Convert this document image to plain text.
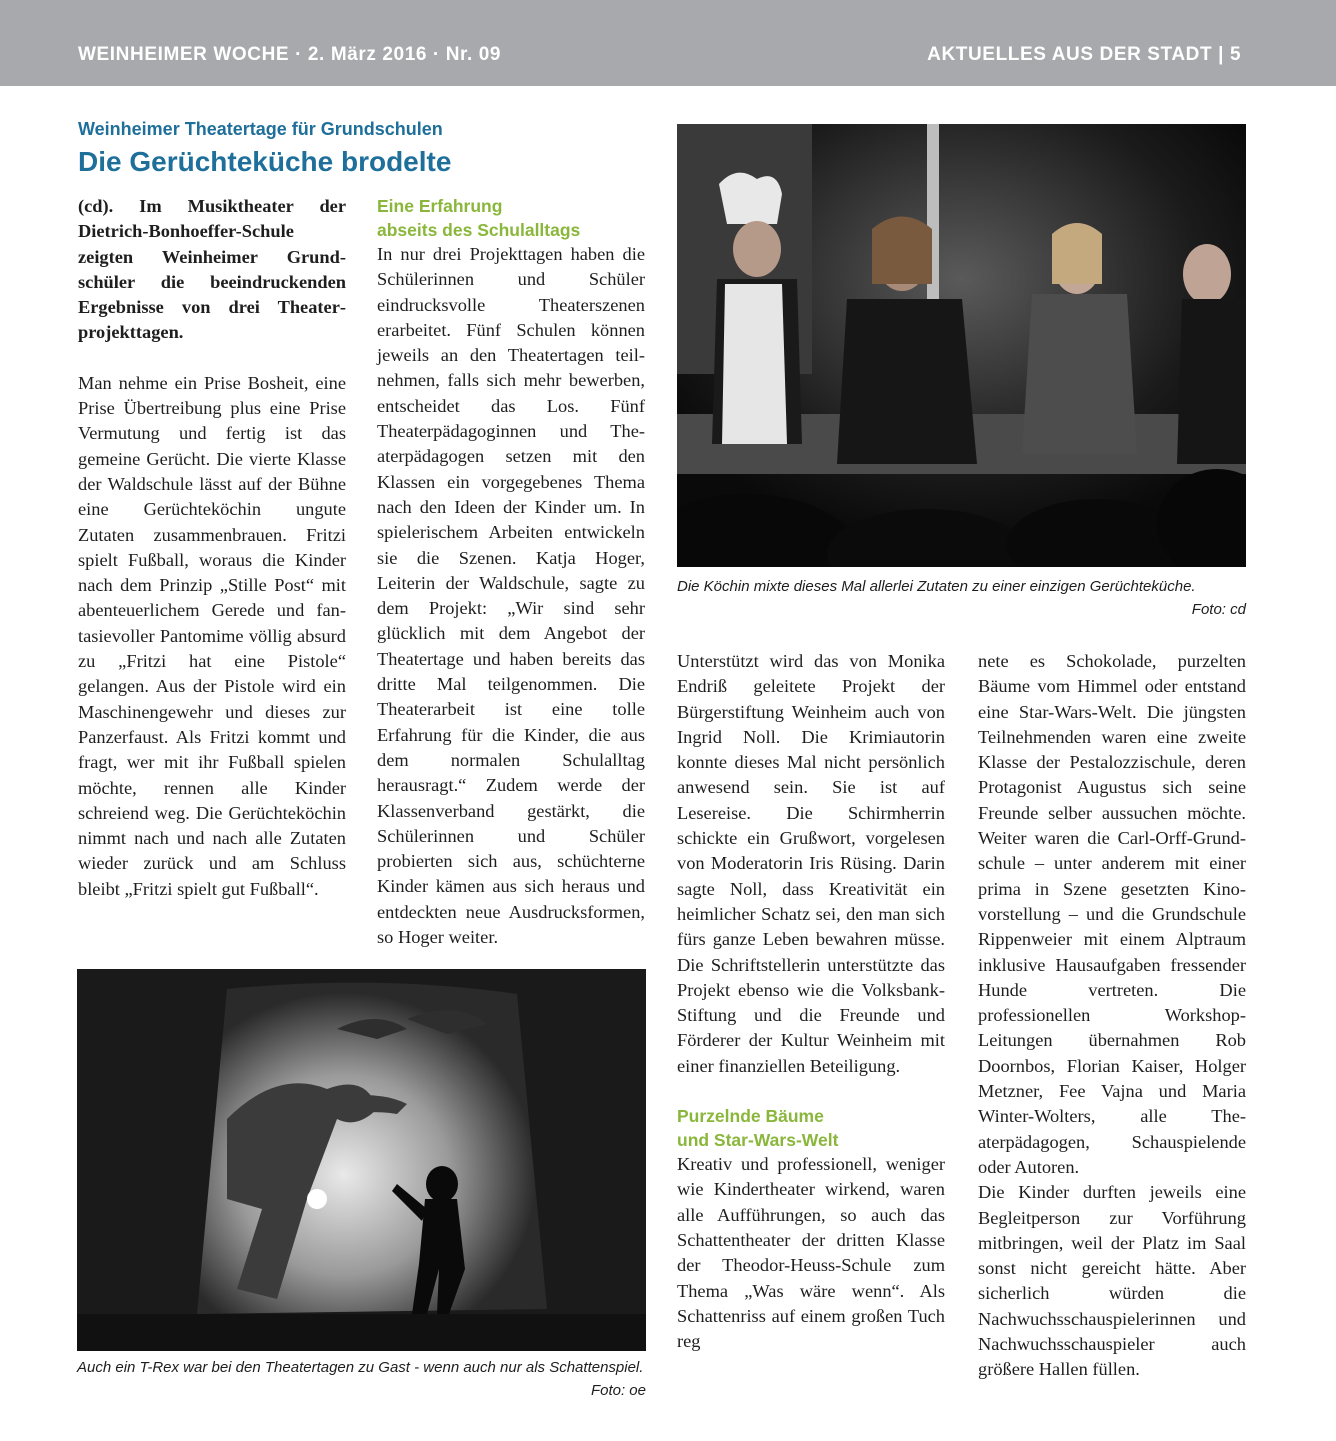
WEINHEIMER WOCHE · 2. März 2016 · Nr. 09	AKTUELLES AUS DER STADT | 5
Weinheimer Theatertage für Grundschulen
Die Gerüchteküche brodelte

(cd). Im Musiktheater der Dietrich-Bonhoeffer-Schule zeigten Weinheimer Grundschüler die beeindruckenden Ergebnisse von drei Theaterprojekttagen.

Man nehme ein Prise Bosheit, eine Prise Übertreibung plus eine Prise Vermutung und fertig ist das gemeine Gerücht. Die vierte Klasse der Waldschule lässt auf der Bühne eine Gerüchteköchin ungute Zutaten zusammenbrauen. Fritzi spielt Fußball, woraus die Kinder nach dem Prinzip „Stille Post“ mit abenteuerlichem Gerede und fantasievoller Pantomime völlig absurd zu „Fritzi hat eine Pistole“ gelangen. Aus der Pistole wird ein Maschinengewehr und dieses zur Panzerfaust. Als Fritzi kommt und fragt, wer mit ihr Fußball spielen möchte, rennen alle Kinder schreiend weg. Die Gerüchteköchin nimmt nach und nach alle Zutaten wieder zurück und am Schluss bleibt „Fritzi spielt gut Fußball“.

Eine Erfahrung
abseits des Schulalltags

In nur drei Projekttagen haben die Schülerinnen und Schüler eindrucksvolle Theaterszenen erarbeitet. Fünf Schulen können jeweils an den Theatertagen teilnehmen, falls sich mehr bewerben, entscheidet das Los. Fünf Theaterpädagoginnen und Theaterpädagogen setzen mit den Klassen ein vorgegebenes Thema nach den Ideen der Kinder um. In spielerischem Arbeiten entwickeln sie die Szenen. Katja Hoger, Leiterin der Waldschule, sagte zu dem Projekt: „Wir sind sehr glücklich mit dem Angebot der Theatertage und haben bereits das dritte Mal teilgenommen. Die Theaterarbeit ist eine tolle Erfahrung für die Kinder, die aus dem normalen Schulalltag herausragt.“ Zudem werde der Klassenverband gestärkt, die Schülerinnen und Schüler probierten sich aus, schüchterne Kinder kämen aus sich heraus und entdeckten neue Ausdrucksformen, so Hoger weiter.

Die Köchin mixte dieses Mal allerlei Zutaten zu einer einzigen Gerüchteküche.

Foto: cd

Unterstützt wird das von Monika Endriß geleitete Projekt der Bürgerstiftung Weinheim auch von Ingrid Noll. Die Krimiautorin konnte dieses Mal nicht persönlich anwesend sein. Sie ist auf Lesereise. Die Schirmherrin schickte ein Grußwort, vorgelesen von Moderatorin Iris Rüsing. Darin sagte Noll, dass Kreativität ein heimlicher Schatz sei, den man sich fürs ganze Leben bewahren müsse. Die Schriftstellerin unterstützte das Projekt ebenso wie die Volksbank-Stiftung und die Freunde und Förderer der Kultur Weinheim mit einer finanziellen Beteiligung.

Purzelnde Bäume
und Star-Wars-Welt

Kreativ und professionell, weniger wie Kindertheater wirkend, waren alle Aufführungen, so auch das Schattentheater der dritten Klasse der Theodor-Heuss-Schule zum Thema „Was wäre wenn“. Als Schattenriss auf einem großen Tuch reg

nete es Schokolade, purzelten Bäume vom Himmel oder entstand eine Star-Wars-Welt. Die jüngsten Teilnehmenden waren eine zweite Klasse der Pestalozzischule, deren Protagonist Augustus sich seine Freunde selber aussuchen möchte. Weiter waren die Carl-Orff-Grundschule – unter anderem mit einer prima in Szene gesetzten Kinovorstellung – und die Grundschule Rippenweier mit einem Alptraum inklusive Hausaufgaben fressender Hunde vertreten. Die professionellen Workshop-Leitungen übernahmen Rob Doornbos, Florian Kaiser, Holger Metzner, Fee Vajna und Maria Winter-Wolters, alle Theaterpädagogen, Schauspielende oder Autoren.

Die Kinder durften jeweils eine Begleitperson zur Vorführung mitbringen, weil der Platz im Saal sonst nicht gereicht hätte. Aber sicherlich würden die Nachwuchsschauspielerinnen und Nachwuchsschauspieler auch größere Hallen füllen.

Auch ein T-Rex war bei den Theatertagen zu Gast - wenn auch nur als Schattenspiel.

Foto: oe
